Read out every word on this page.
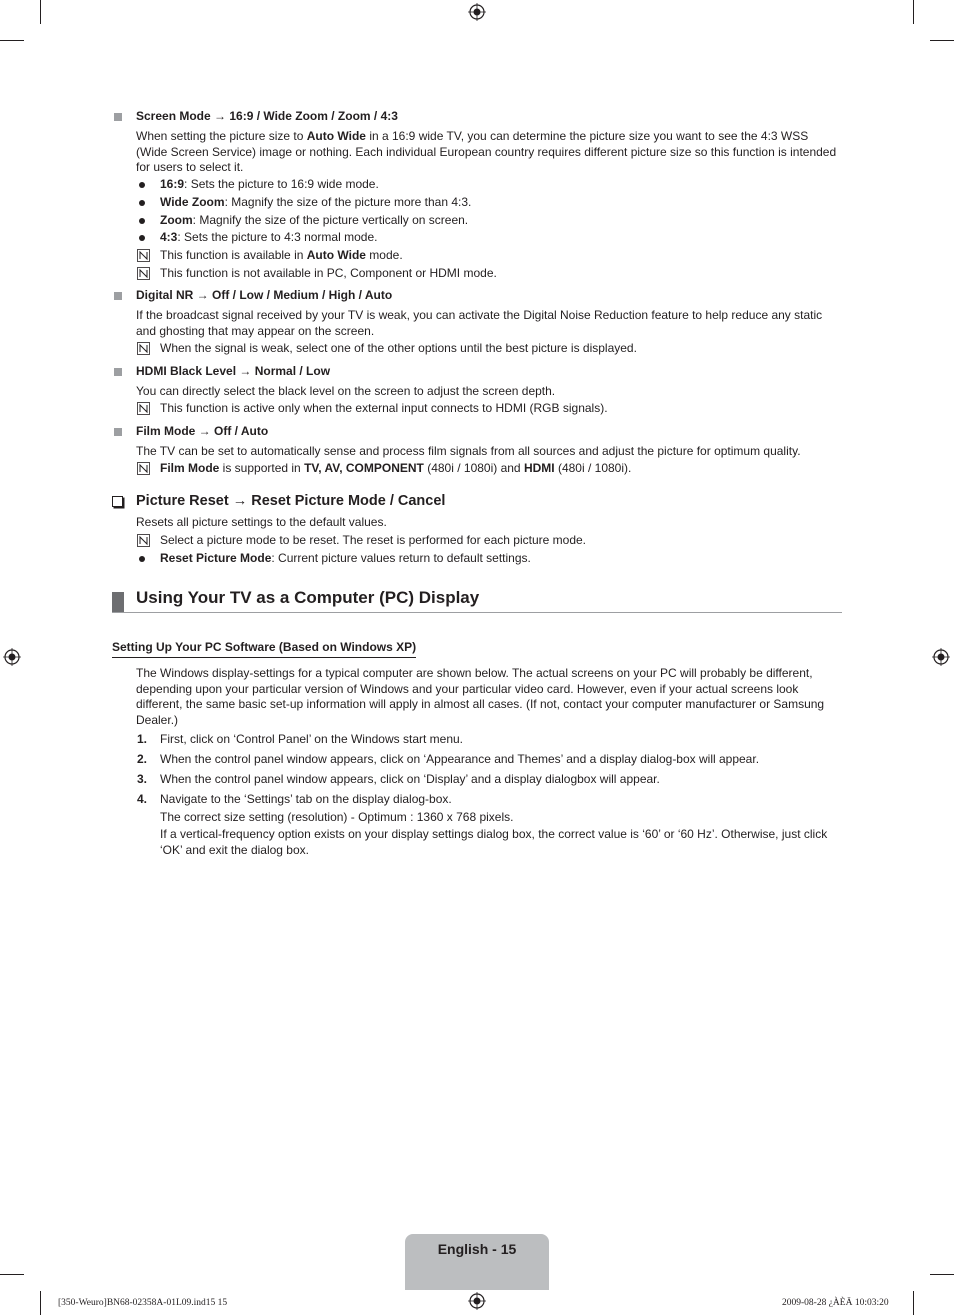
Screen Mode → 16:9 / Wide Zoom / Zoom / 4:3
When setting the picture size to Auto Wide in a 16:9 wide TV, you can determine the picture size you want to see the 4:3 WSS (Wide Screen Service) image or nothing. Each individual European country requires different picture size so this function is intended for users to select it.
16:9: Sets the picture to 16:9 wide mode.
Wide Zoom: Magnify the size of the picture more than 4:3.
Zoom: Magnify the size of the picture vertically on screen.
4:3: Sets the picture to 4:3 normal mode.
This function is available in Auto Wide mode.
This function is not available in PC, Component or HDMI mode.
Digital NR → Off / Low / Medium / High / Auto
If the broadcast signal received by your TV is weak, you can activate the Digital Noise Reduction feature to help reduce any static and ghosting that may appear on the screen.
When the signal is weak, select one of the other options until the best picture is displayed.
HDMI Black Level → Normal / Low
You can directly select the black level on the screen to adjust the screen depth.
This function is active only when the external input connects to HDMI (RGB signals).
Film Mode → Off / Auto
The TV can be set to automatically sense and process film signals from all sources and adjust the picture for optimum quality.
Film Mode is supported in TV, AV, COMPONENT (480i / 1080i) and HDMI (480i / 1080i).
Picture Reset → Reset Picture Mode / Cancel
Resets all picture settings to the default values.
Select a picture mode to be reset. The reset is performed for each picture mode.
Reset Picture Mode: Current picture values return to default settings.
Using Your TV as a Computer (PC) Display
Setting Up Your PC Software (Based on Windows XP)
The Windows display-settings for a typical computer are shown below. The actual screens on your PC will probably be different, depending upon your particular version of Windows and your particular video card. However, even if your actual screens look different, the same basic set-up information will apply in almost all cases. (If not, contact your computer manufacturer or Samsung Dealer.)
1. First, click on ‘Control Panel’ on the Windows start menu.
2. When the control panel window appears, click on ‘Appearance and Themes’ and a display dialog-box will appear.
3. When the control panel window appears, click on ‘Display’ and a display dialogbox will appear.
4. Navigate to the ‘Settings’ tab on the display dialog-box.
The correct size setting (resolution) - Optimum : 1360 x 768 pixels.
If a vertical-frequency option exists on your display settings dialog box, the correct value is ‘60’ or ‘60 Hz’. Otherwise, just click ‘OK’ and exit the dialog box.
English - 15
[350-Weuro]BN68-02358A-01L09.ind15 15	2009-08-28 ¿ÀÈÄ 10:03:20
